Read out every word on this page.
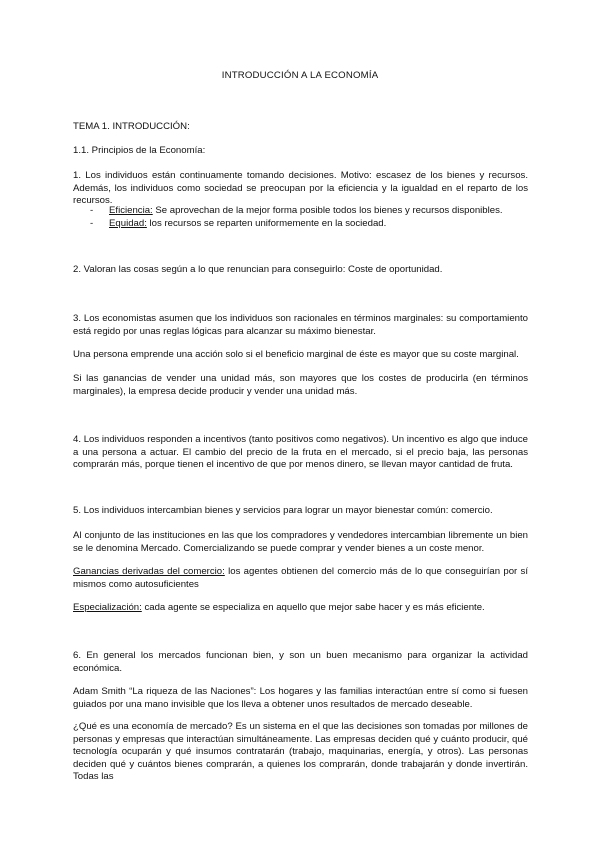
INTRODUCCIÓN A LA ECONOMÍA

TEMA 1. INTRODUCCIÓN:

1.1. Principios de la Economía:

1. Los individuos están continuamente tomando decisiones. Motivo: escasez de los bienes y recursos. Además, los individuos como sociedad se preocupan por la eficiencia y la igualdad en el reparto de los recursos.

-	Eficiencia: Se aprovechan de la mejor forma posible todos los bienes y recursos disponibles.
-	Equidad: los recursos se reparten uniformemente en la sociedad.

2. Valoran las cosas según a lo que renuncian para conseguirlo: Coste de oportunidad.

3. Los economistas asumen que los individuos son racionales en términos marginales: su comportamiento está regido por unas reglas lógicas para alcanzar su máximo bienestar.

Una persona emprende una acción solo si el beneficio marginal de éste es mayor que su coste marginal.

Si las ganancias de vender una unidad más, son mayores que los costes de producirla (en términos marginales), la empresa decide producir y vender una unidad más.

4. Los individuos responden a incentivos (tanto positivos como negativos). Un incentivo es algo que induce a una persona a actuar. El cambio del precio de la fruta en el mercado, si el precio baja, las personas comprarán más, porque tienen el incentivo de que por menos dinero, se llevan mayor cantidad de fruta.

5. Los individuos intercambian bienes y servicios para lograr un mayor bienestar común: comercio.

Al conjunto de las instituciones en las que los compradores y vendedores intercambian libremente un bien se le denomina Mercado. Comercializando se puede comprar y vender bienes a un coste menor.

Ganancias derivadas del comercio: los agentes obtienen del comercio más de lo que conseguirían por sí mismos como autosuficientes

Especialización: cada agente se especializa en aquello que mejor sabe hacer y es más eficiente.

6. En general los mercados funcionan bien, y son un buen mecanismo para organizar la actividad económica.

Adam Smith “La riqueza de las Naciones”: Los hogares y las familias interactúan entre sí como si fuesen guiados por una mano invisible que los lleva a obtener unos resultados de mercado deseable.

¿Qué es una economía de mercado? Es un sistema en el que las decisiones son tomadas por millones de personas y empresas que interactúan simultáneamente. Las empresas deciden qué y cuánto producir, qué tecnología ocuparán y qué insumos contratarán (trabajo, maquinarias, energía, y otros). Las personas deciden qué y cuántos bienes comprarán, a quienes los comprarán, donde trabajarán y donde invertirán. Todas las
